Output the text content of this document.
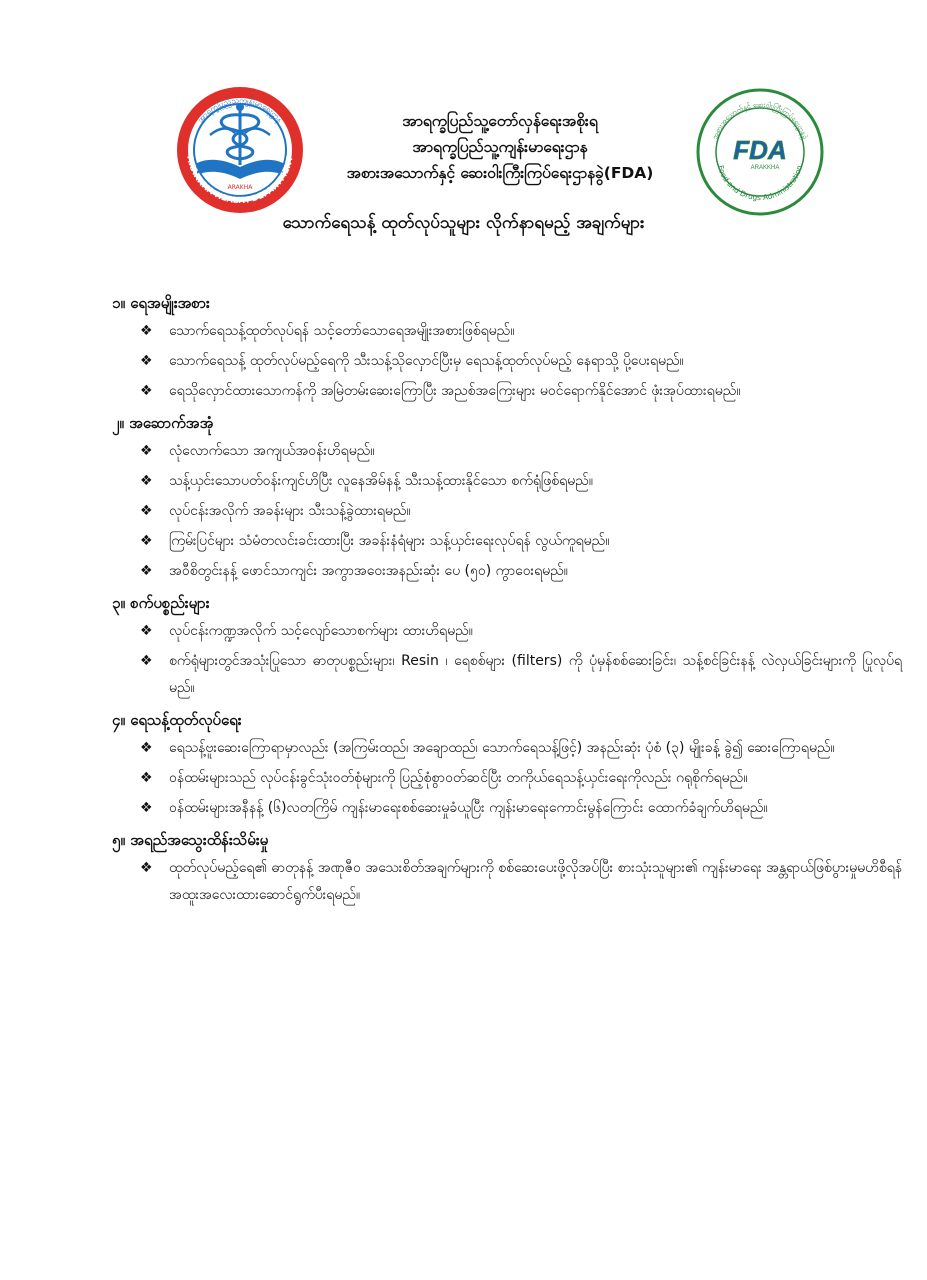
အာရက္ခပြည်သူ့ကျန်းမာရေးဌာန
ARAKKHA HEALTH DEPARTMENT
ARAKHA
အာရက္ခပြည်သူ့တော်လှန်ရေးအစိုးရ
အာရက္ခပြည်သူ့ကျန်းမာရေးဌာန
အစားအသောက်နှင့် ဆေးဝါးကြီးကြပ်ရေးဌာနခွဲ(FDA)
အစားအသောက်နှင့် ဆေးဝါးကြီးကြပ်ရေးဌာနခွဲ
Food and Drugs Administration
FDA
ARAKKHA
သောက်ရေသန့် ထုတ်လုပ်သူများ လိုက်နာရမည့် အချက်များ
၁။ ရေအမျိုးအစား
❖ သောက်ရေသန့်ထုတ်လုပ်ရန် သင့်တော်သောရေအမျိုးအစားဖြစ်ရမည်။
❖ သောက်ရေသန့် ထုတ်လုပ်မည့်ရေကို သီးသန့်သိုလှောင်ပြီးမှ ရေသန့်ထုတ်လုပ်မည့် နေရာသို့ ပို့ပေးရမည်။
❖ ရေသိုလှောင်ထားသောကန်ကို အမြဲတမ်းဆေးကြောပြီး အညစ်အကြေးများ မဝင်ရောက်နိုင်အောင် ဖုံးအုပ်ထားရမည်။
၂။ အဆောက်အအုံ
❖ လုံလောက်သော အကျယ်အဝန်းဟိရမည်။
❖ သန့်ယှင်းသောပတ်ဝန်းကျင်ဟိပြီး လူနေအိမ်နန့် သီးသန့်ထားနိုင်သော စက်ရုံဖြစ်ရမည်။
❖ လုပ်ငန်းအလိုက် အခန်းများ သီးသန့်ခွဲထားရမည်။
❖ ကြမ်းပြင်များ သံမံတလင်းခင်းထားပြီး အခန်းနံရံများ သန့်ယှင်းရေးလုပ်ရန် လွယ်ကူရမည်။
❖ အဝီစိတွင်းနန့် ဖောင်သာကျင်း အကွာအဝေးအနည်းဆုံး ပေ (၅၀) ကွာဝေးရမည်။
၃။ စက်ပစ္စည်းများ
❖ လုပ်ငန်းကဏ္ဍအလိုက် သင့်လျော်သောစက်များ ထားဟိရမည်။
❖ စက်ရုံများတွင်အသုံးပြုသော ဓာတုပစ္စည်းများ၊ Resin ၊ ရေစစ်များ (filters) ကို ပုံမှန်စစ်ဆေးခြင်း၊ သန့်စင်ခြင်းနန့် လဲလှယ်ခြင်းများကို ပြုလုပ်ရမည်။
၄။ ရေသန့်ထုတ်လုပ်ရေး
❖ ရေသန့်ဗူးဆေးကြောရာမှာလည်း (အကြမ်းထည်၊ အချောထည်၊ သောက်ရေသန့်ဖြင့်) အနည်းဆုံး ပုံစံ (၃) မျိုးခန့် ခွဲ၍ ဆေးကြောရမည်။
❖ ဝန်ထမ်းများသည် လုပ်ငန်းခွင်သုံးဝတ်စုံများကို ပြည့်စုံစွာဝတ်ဆင်ပြီး တကိုယ်ရေသန့်ယှင်းရေးကိုလည်း ဂရုစိုက်ရမည်။
❖ ဝန်ထမ်းများအနီနန့် (၆)လတကြိမ် ကျန်းမာရေးစစ်ဆေးမှုခံယူပြီး ကျန်းမာရေးကောင်းမွန်ကြောင်း ထောက်ခံချက်ဟိရမည်။
၅။ အရည်အသွေးထိန်းသိမ်းမှု
❖ ထုတ်လုပ်မည့်ရေ၏ ဓာတုနန့် အဏုဇီဝ အသေးစိတ်အချက်များကို စစ်ဆေးပေးဖို့လိုအပ်ပြီး စားသုံးသူများ၏ ကျန်းမာရေး အန္တရာယ်ဖြစ်ပွားမှုမဟိစီရန် အထူးအလေးထားဆောင်ရွက်ပီးရမည်။
